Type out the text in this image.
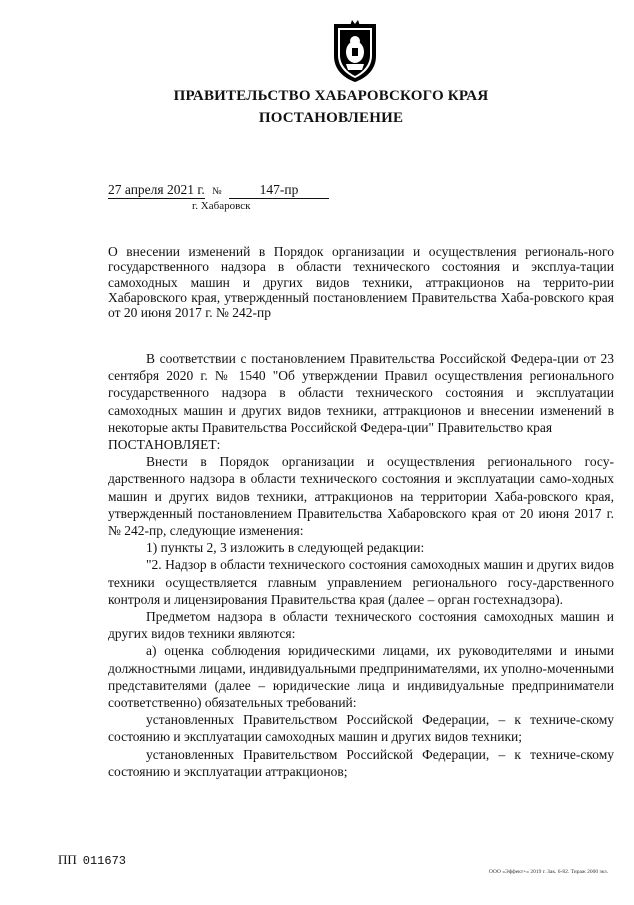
ПРАВИТЕЛЬСТВО ХАБАРОВСКОГО КРАЯ
ПОСТАНОВЛЕНИЕ
27 апреля 2021 г. №	147-пр
г. Хабаровск
О внесении изменений в Порядок организации и осуществления региональ-ного государственного надзора в области технического состояния и эксплуа-тации самоходных машин и других видов техники, аттракционов на террито-рии Хабаровского края, утвержденный постановлением Правительства Хаба-ровского края от 20 июня 2017 г. № 242-пр

В соответствии с постановлением Правительства Российской Федера-ции от 23 сентября 2020 г. № 1540 "Об утверждении Правил осуществления регионального государственного надзора в области технического состояния и эксплуатации самоходных машин и других видов техники, аттракционов и внесении изменений в некоторые акты Правительства Российской Федера-ции" Правительство края

ПОСТАНОВЛЯЕТ:

Внести в Порядок организации и осуществления регионального госу-дарственного надзора в области технического состояния и эксплуатации само-ходных машин и других видов техники, аттракционов на территории Хаба-ровского края, утвержденный постановлением Правительства Хабаровского края от 20 июня 2017 г. № 242-пр, следующие изменения:

1) пункты 2, 3 изложить в следующей редакции:

"2. Надзор в области технического состояния самоходных машин и других видов техники осуществляется главным управлением регионального госу-дарственного контроля и лицензирования Правительства края (далее – орган гостехнадзора).

Предметом надзора в области технического состояния самоходных машин и других видов техники являются:

а) оценка соблюдения юридическими лицами, их руководителями и иными должностными лицами, индивидуальными предпринимателями, их уполно-моченными представителями (далее – юридические лица и индивидуальные предприниматели соответственно) обязательных требований:

установленных Правительством Российской Федерации, – к техниче-скому состоянию и эксплуатации самоходных машин и других видов техники;

установленных Правительством Российской Федерации, – к техниче-скому состоянию и эксплуатации аттракционов;

ПП 011673
ООО «Эффект+» 2019 г. Зак. 6-82. Тираж 2000 экз.
